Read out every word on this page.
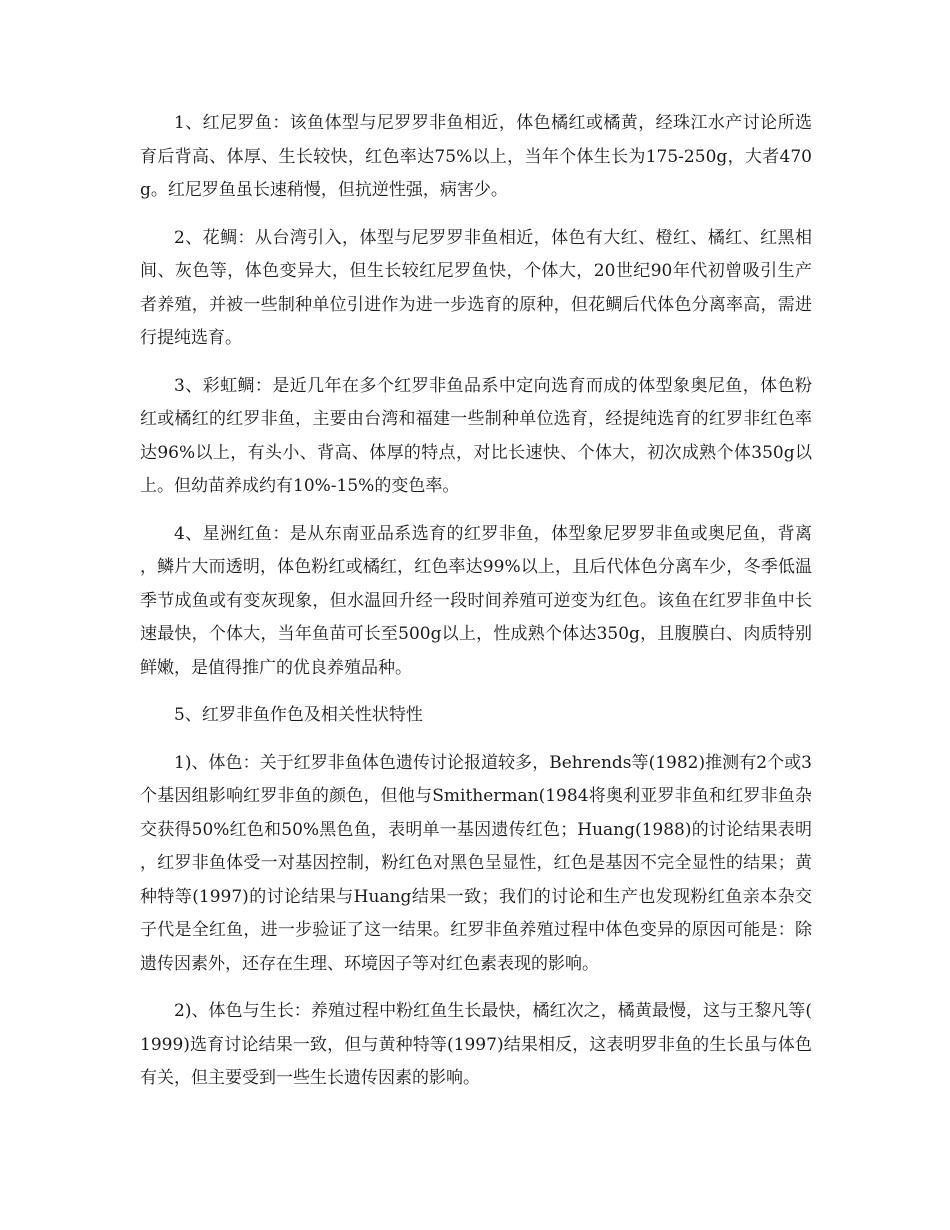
1、红尼罗鱼：该鱼体型与尼罗罗非鱼相近，体色橘红或橘黄，经珠江水产讨论所选育后背高、体厚、生长较快，红色率达75%以上，当年个体生长为175-250g，大者470g。红尼罗鱼虽长速稍慢，但抗逆性强，病害少。

2、花鲷：从台湾引入，体型与尼罗罗非鱼相近，体色有大红、橙红、橘红、红黑相间、灰色等，体色变异大，但生长较红尼罗鱼快，个体大，20世纪90年代初曾吸引生产者养殖，并被一些制种单位引进作为进一步选育的原种，但花鲷后代体色分离率高，需进行提纯选育。

3、彩虹鲷：是近几年在多个红罗非鱼品系中定向选育而成的体型象奥尼鱼，体色粉红或橘红的红罗非鱼，主要由台湾和福建一些制种单位选育，经提纯选育的红罗非红色率达96%以上，有头小、背高、体厚的特点，对比长速快、个体大，初次成熟个体350g以上。但幼苗养成约有10%-15%的变色率。

4、星洲红鱼：是从东南亚品系选育的红罗非鱼，体型象尼罗罗非鱼或奥尼鱼，背离，鳞片大而透明，体色粉红或橘红，红色率达99%以上，且后代体色分离车少，冬季低温季节成鱼或有变灰现象，但水温回升经一段时间养殖可逆变为红色。该鱼在红罗非鱼中长速最快，个体大，当年鱼苗可长至500g以上，性成熟个体达350g，且腹膜白、肉质特别鲜嫩，是值得推广的优良养殖品种。

5、红罗非鱼作色及相关性状特性

1)、体色：关于红罗非鱼体色遗传讨论报道较多，Behrends等(1982)推测有2个或3个基因组影响红罗非鱼的颜色，但他与Smitherman(1984将奥利亚罗非鱼和红罗非鱼杂交获得50%红色和50%黑色鱼，表明单一基因遗传红色；Huang(1988)的讨论结果表明，红罗非鱼体受一对基因控制，粉红色对黑色呈显性，红色是基因不完全显性的结果；黄种特等(1997)的讨论结果与Huang结果一致；我们的讨论和生产也发现粉红鱼亲本杂交子代是全红鱼，进一步验证了这一结果。红罗非鱼养殖过程中体色变异的原因可能是：除遗传因素外，还存在生理、环境因子等对红色素表现的影响。

2)、体色与生长：养殖过程中粉红鱼生长最快，橘红次之，橘黄最慢，这与王黎凡等(1999)选育讨论结果一致，但与黄种特等(1997)结果相反，这表明罗非鱼的生长虽与体色有关，但主要受到一些生长遗传因素的影响。
